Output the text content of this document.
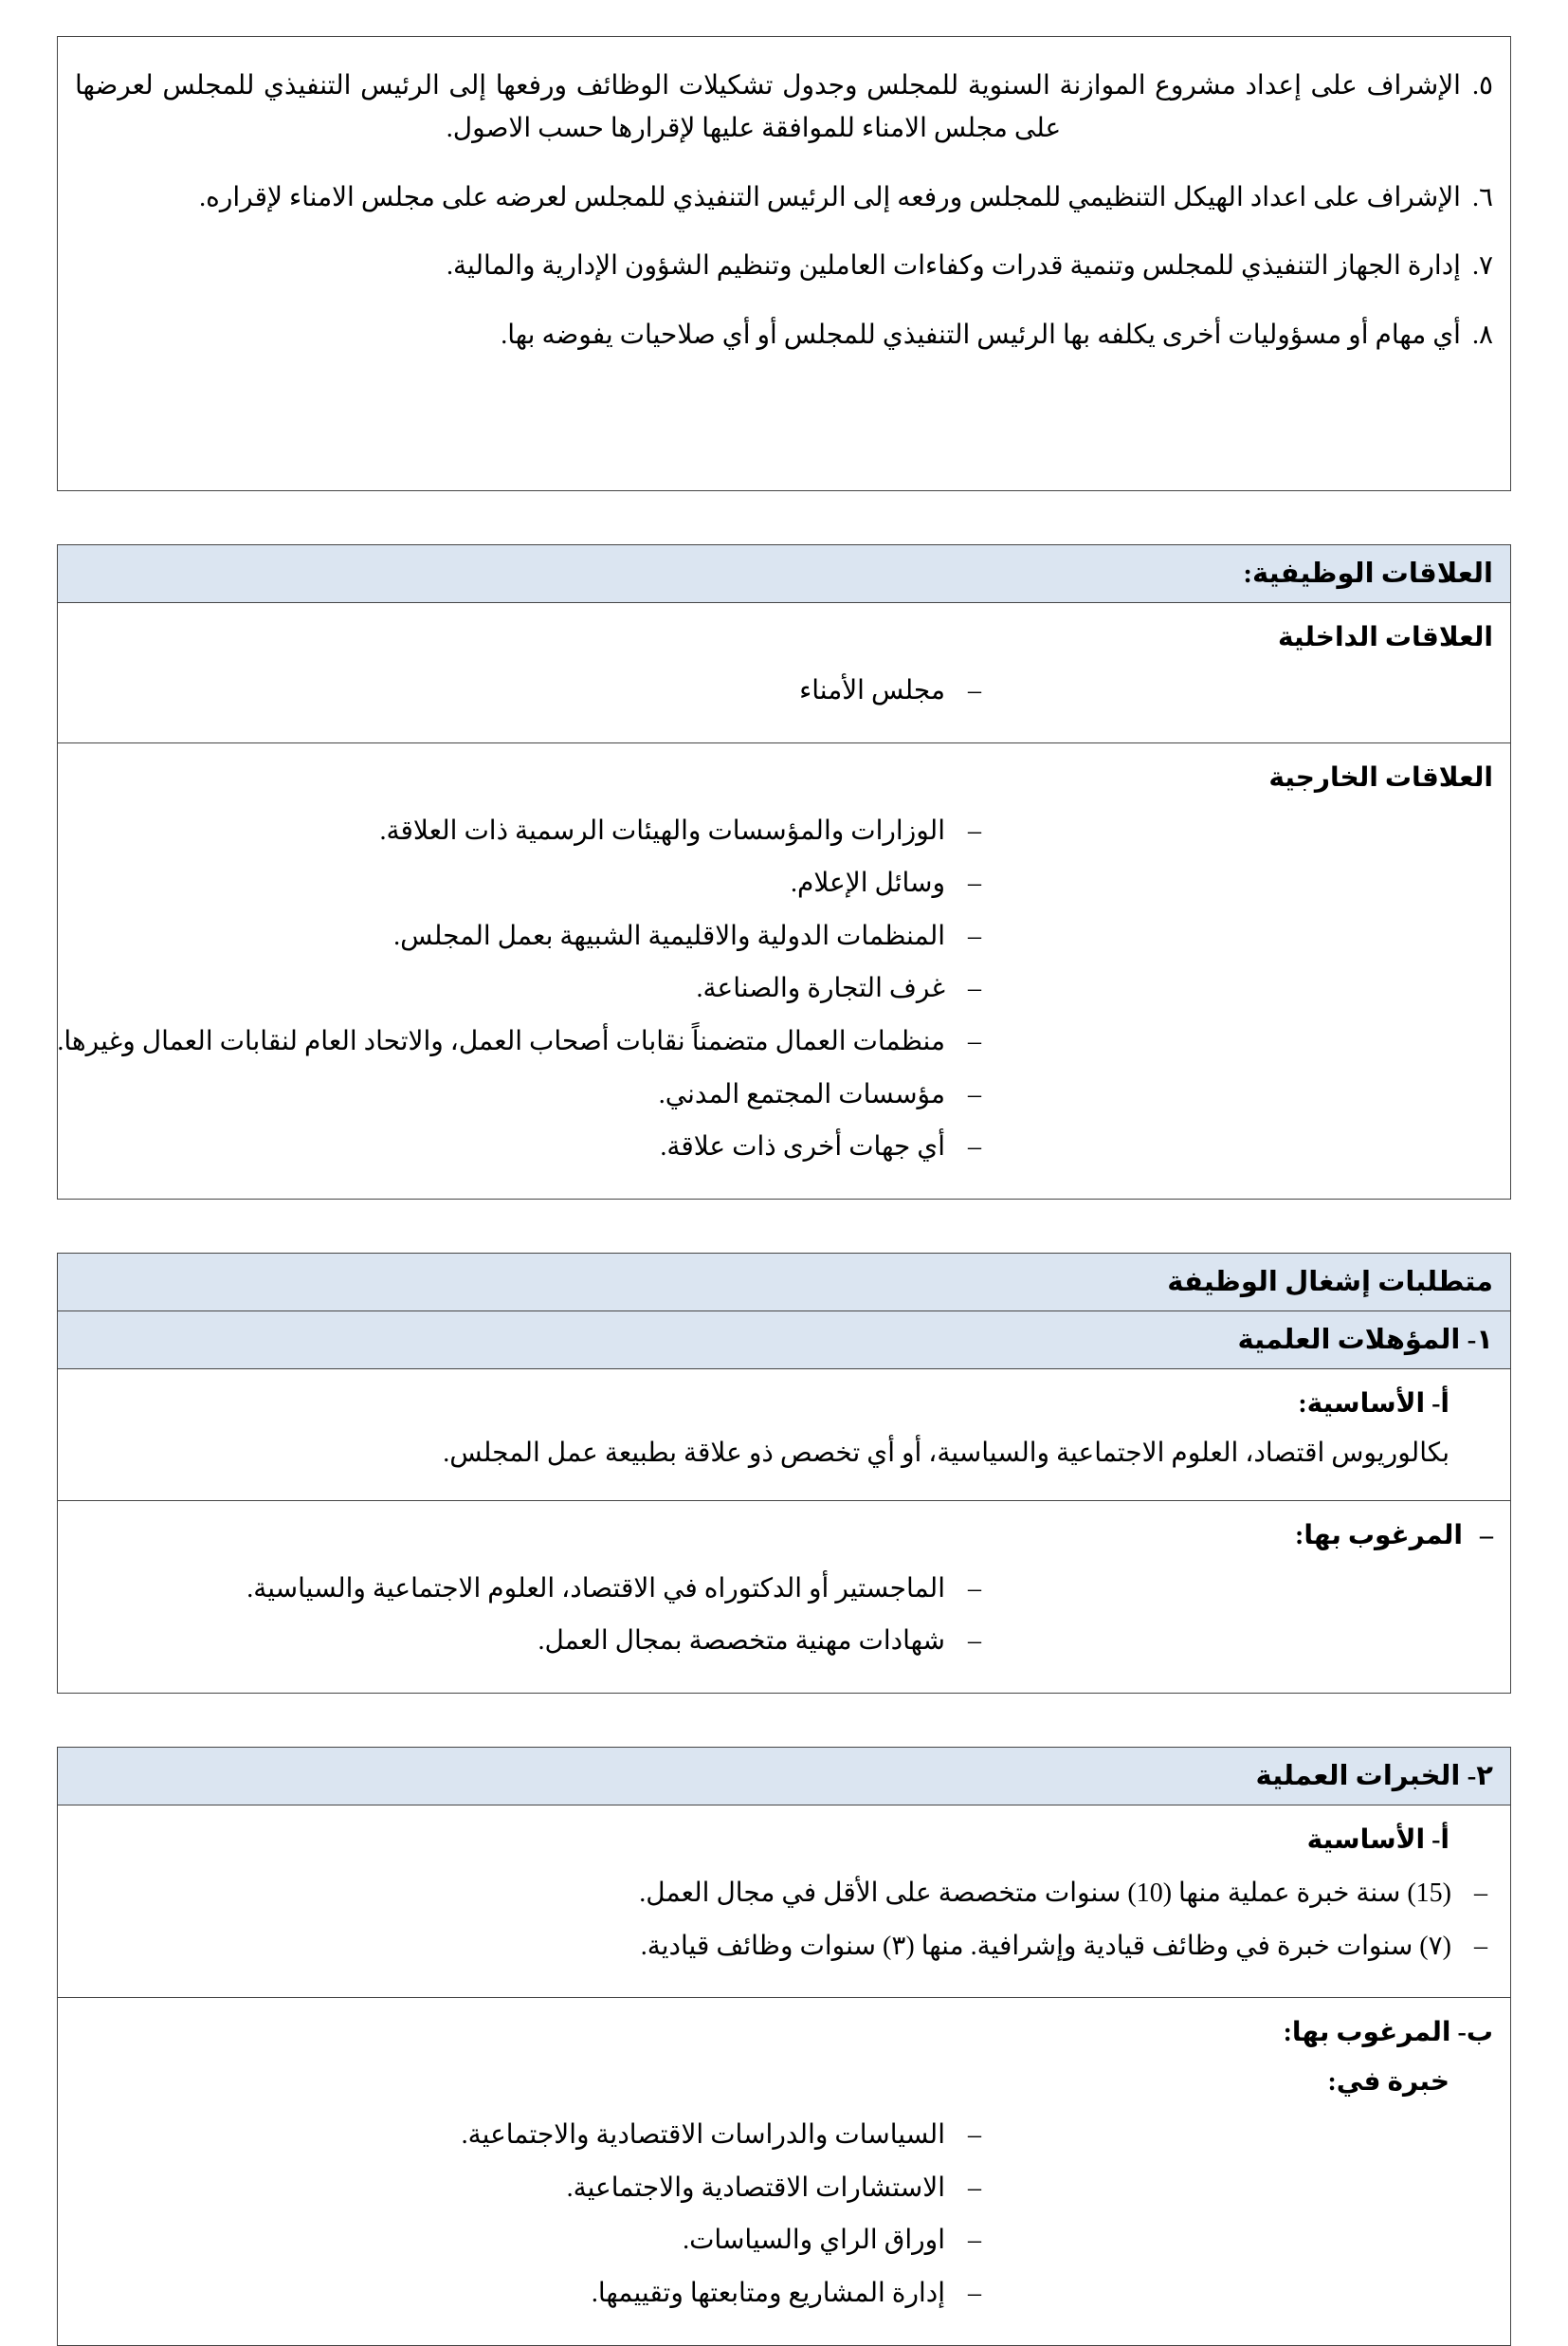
٥.الإشراف على إعداد مشروع الموازنة السنوية للمجلس وجدول تشكيلات الوظائف ورفعها إلى الرئيس التنفيذي للمجلس لعرضها على مجلس الامناء للموافقة عليها لإقرارها حسب الاصول.
٦.الإشراف على اعداد الهيكل التنظيمي للمجلس ورفعه إلى الرئيس التنفيذي للمجلس لعرضه على مجلس الامناء لإقراره.
٧.إدارة الجهاز التنفيذي للمجلس وتنمية قدرات وكفاءات العاملين وتنظيم الشؤون الإدارية والمالية.
٨.أي مهام أو مسؤوليات أخرى يكلفه بها الرئيس التنفيذي للمجلس أو أي صلاحيات يفوضه بها.
العلاقات الوظيفية:
العلاقات الداخلية
–مجلس الأمناء
العلاقات الخارجية
–الوزارات والمؤسسات والهيئات الرسمية ذات العلاقة.
–وسائل الإعلام.
–المنظمات الدولية والاقليمية الشبيهة بعمل المجلس.
–غرف التجارة والصناعة.
–منظمات العمال متضمناً نقابات أصحاب العمل، والاتحاد العام لنقابات العمال وغيرها.
–مؤسسات المجتمع المدني.
–أي جهات أخرى ذات علاقة.
متطلبات إشغال الوظيفة
١- المؤهلات العلمية
أ- الأساسية:
بكالوريوس اقتصاد، العلوم الاجتماعية والسياسية، أو أي تخصص ذو علاقة بطبيعة عمل المجلس.
–المرغوب بها:
–الماجستير أو الدكتوراه في الاقتصاد، العلوم الاجتماعية والسياسية.
–شهادات مهنية متخصصة بمجال العمل.
٢- الخبرات العملية
أ- الأساسية
–(15) سنة خبرة عملية منها (10) سنوات متخصصة على الأقل في مجال العمل.
–(٧) سنوات خبرة في وظائف قيادية وإشرافية. منها (٣) سنوات وظائف قيادية.
ب- المرغوب بها:
خبرة في:
–السياسات والدراسات الاقتصادية والاجتماعية.
–الاستشارات الاقتصادية والاجتماعية.
–اوراق الراي والسياسات.
–إدارة المشاريع ومتابعتها وتقييمها.
